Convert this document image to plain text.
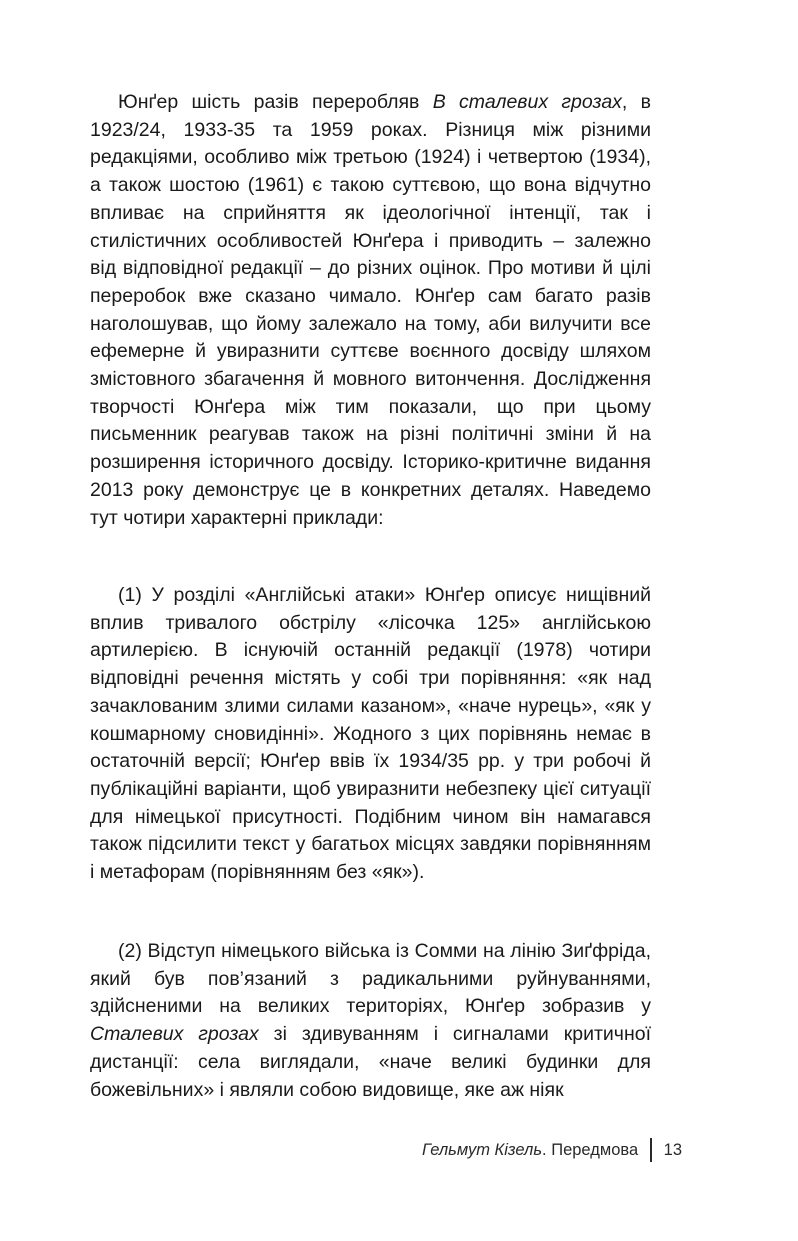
Юнґер шість разів переробляв В сталевих грозах, в 1923/24, 1933-35 та 1959 роках. Різниця між різними редакціями, особливо між третьою (1924) і четвертою (1934), а також шостою (1961) є такою суттєвою, що вона відчутно впливає на сприйняття як ідеологічної інтенції, так і стилістичних особливостей Юнґера і приводить – залежно від відповідної редакції – до різних оцінок. Про мотиви й цілі переробок вже сказано чимало. Юнґер сам багато разів наголошував, що йому залежало на тому, аби вилучити все ефемерне й увиразнити суттєве воєнного досвіду шляхом змістовного збагачення й мовного витончення. Дослідження творчості Юнґера між тим показали, що при цьому письменник реагував також на різні політичні зміни й на розширення історичного досвіду. Історико-критичне видання 2013 року демонструє це в конкретних деталях. Наведемо тут чотири характерні приклади:

(1) У розділі «Англійські атаки» Юнґер описує нищівний вплив тривалого обстрілу «лісочка 125» англійською артилерією. В існуючій останній редакції (1978) чотири відповідні речення містять у собі три порівняння: «як над зачаклованим злими силами казаном», «наче нурець», «як у кошмарному сновидінні». Жодного з цих порівнянь немає в остаточній версії; Юнґер ввів їх 1934/35 рр. у три робочі й публікаційні варіанти, щоб увиразнити небезпеку цієї ситуації для німецької присутності. Подібним чином він намагався також підсилити текст у багатьох місцях завдяки порівнянням і метафорам (порівнянням без «як»).

(2) Відступ німецького війська із Сомми на лінію Зиґфріда, який був пов’язаний з радикальними руйнуваннями, здійсненими на великих територіях, Юнґер зобразив у Сталевих грозах зі здивуванням і сигналами критичної дистанції: села виглядали, «наче великі будинки для божевільних» і являли собою видовище, яке аж ніяк

Гельмут Кізель . Передмова 13
